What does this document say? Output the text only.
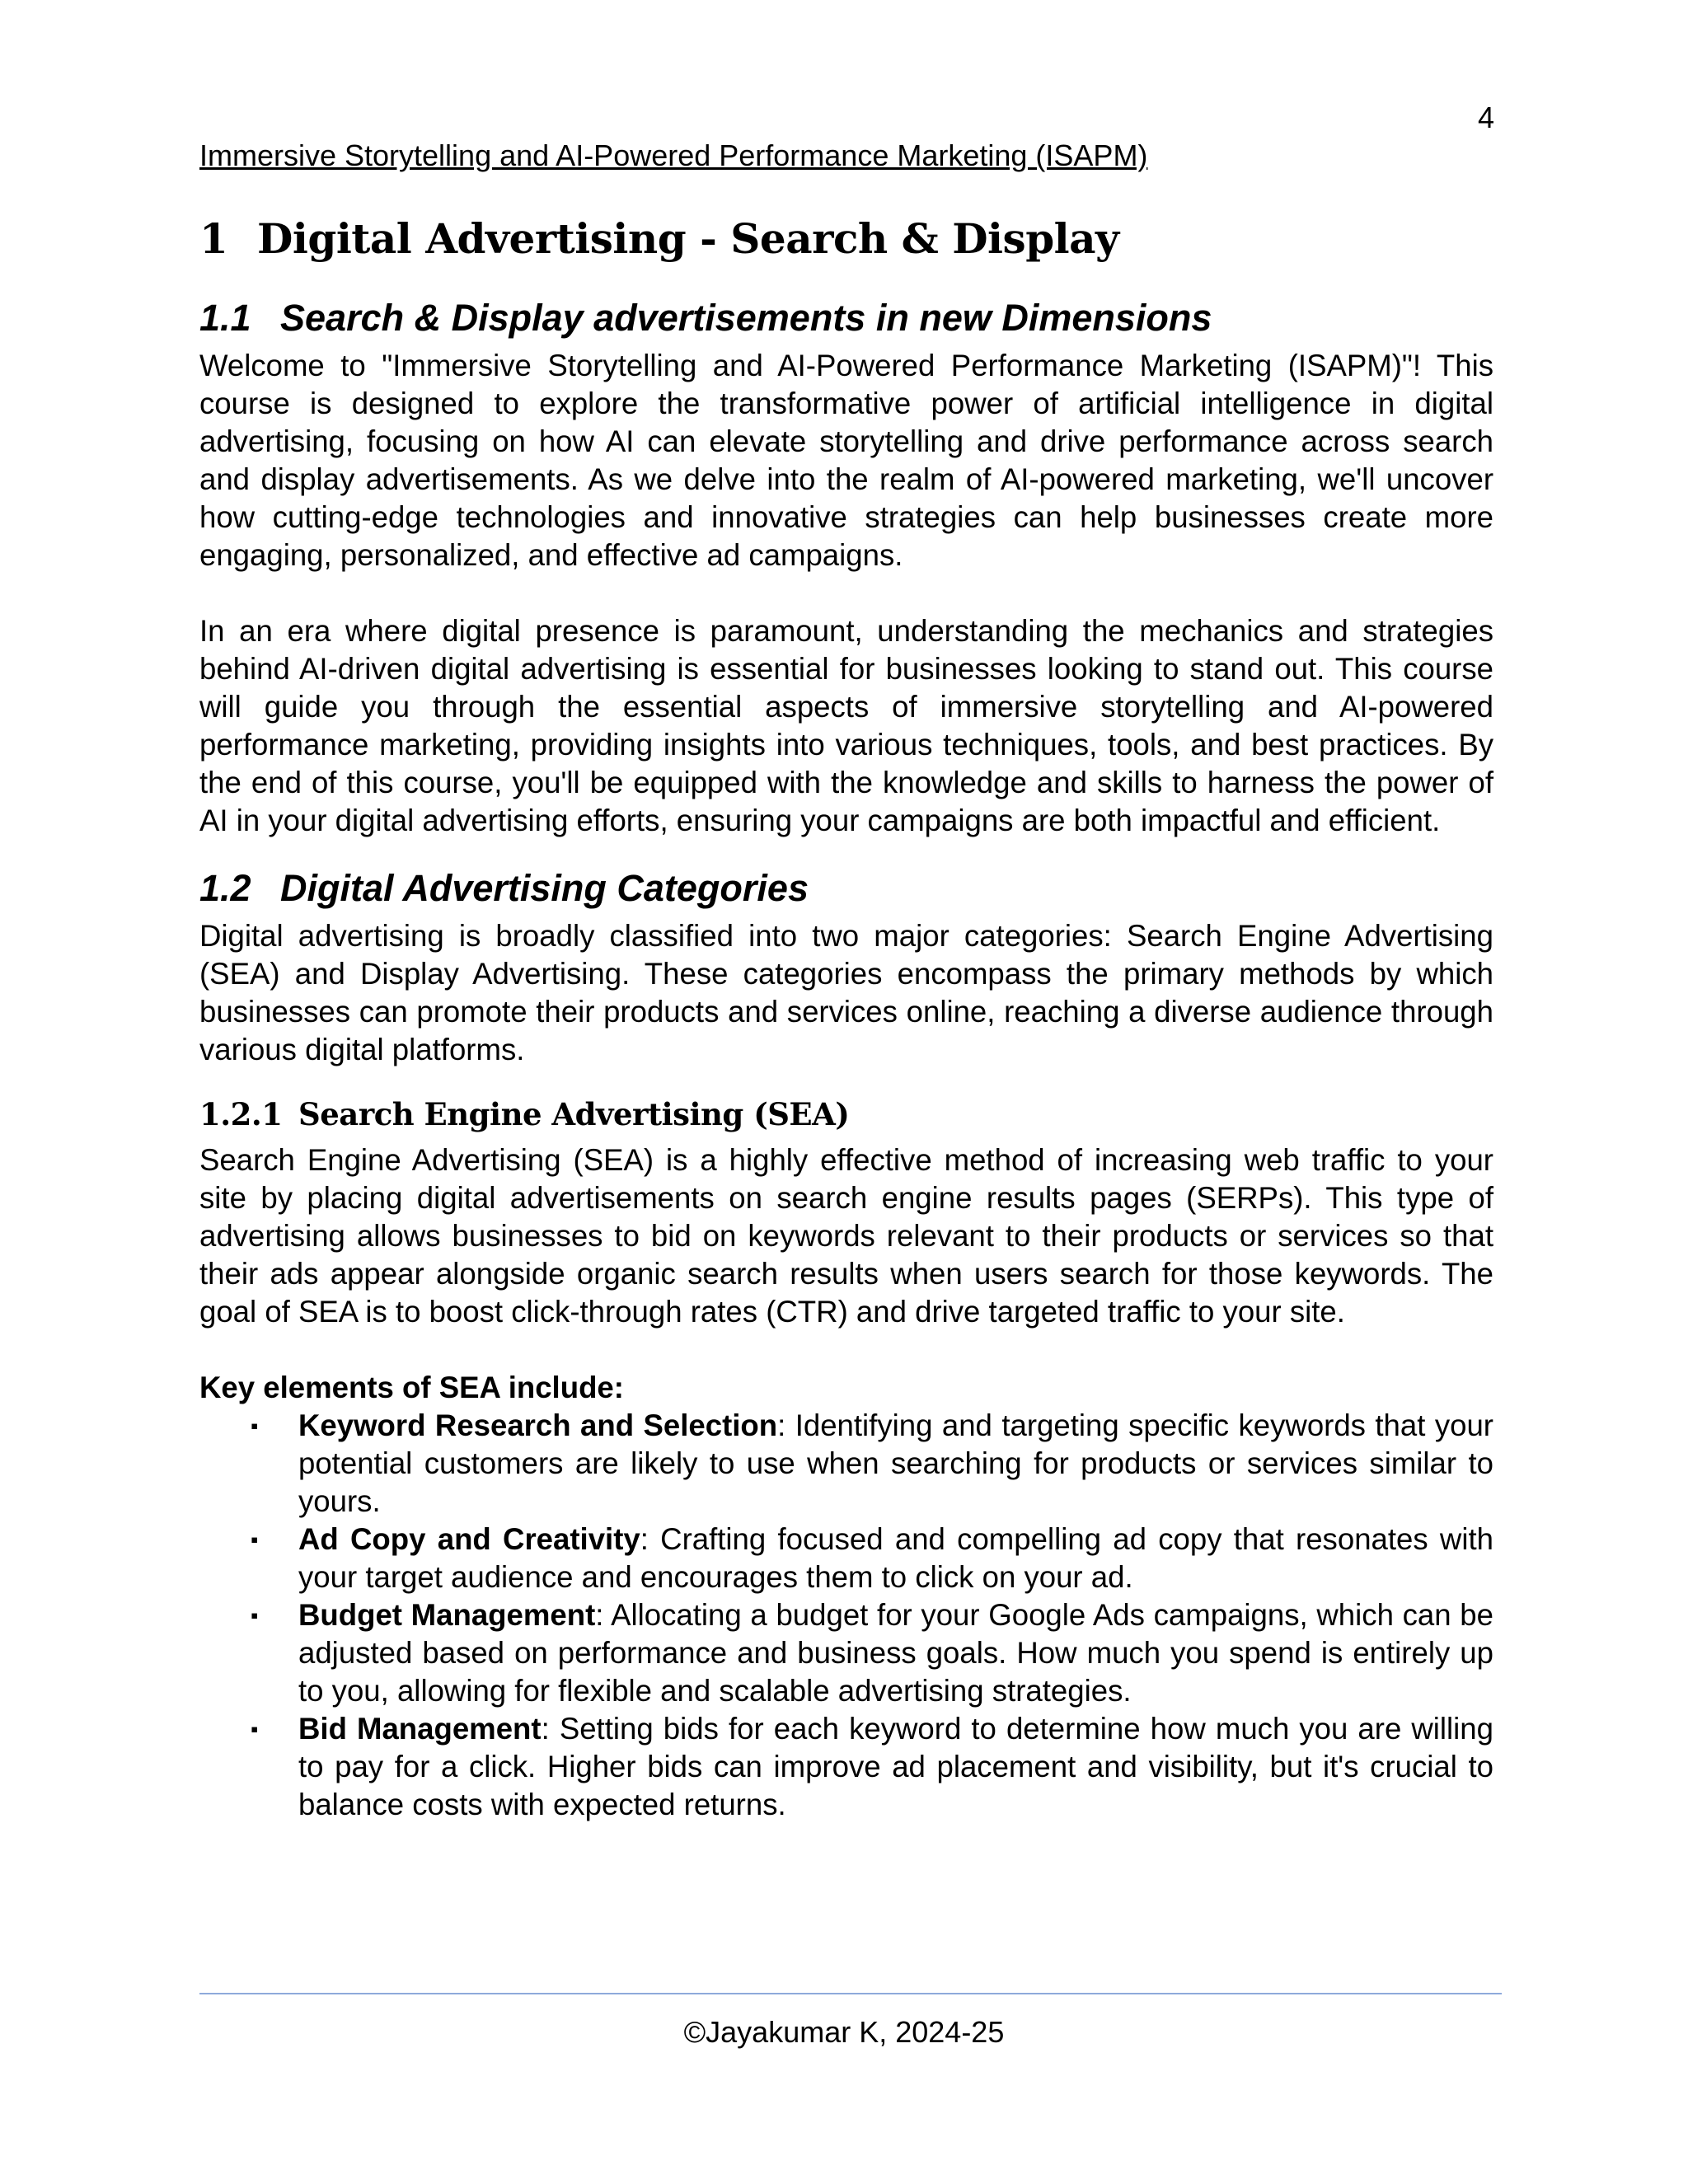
4
Immersive Storytelling and AI-Powered Performance Marketing (ISAPM)
1 Digital Advertising - Search & Display
1.1 Search & Display advertisements in new Dimensions

Welcome to "Immersive Storytelling and AI-Powered Performance Marketing (ISAPM)"! This course is designed to explore the transformative power of artificial intelligence in digital advertising, focusing on how AI can elevate storytelling and drive performance across search and display advertisements. As we delve into the realm of AI-powered marketing, we'll uncover how cutting-edge technologies and innovative strategies can help businesses create more engaging, personalized, and effective ad campaigns.

In an era where digital presence is paramount, understanding the mechanics and strategies behind AI-driven digital advertising is essential for businesses looking to stand out. This course will guide you through the essential aspects of immersive storytelling and AI-powered performance marketing, providing insights into various techniques, tools, and best practices. By the end of this course, you'll be equipped with the knowledge and skills to harness the power of AI in your digital advertising efforts, ensuring your campaigns are both impactful and efficient.

1.2 Digital Advertising Categories

Digital advertising is broadly classified into two major categories: Search Engine Advertising (SEA) and Display Advertising. These categories encompass the primary methods by which businesses can promote their products and services online, reaching a diverse audience through various digital platforms.

1.2.1 Search Engine Advertising (SEA)

Search Engine Advertising (SEA) is a highly effective method of increasing web traffic to your site by placing digital advertisements on search engine results pages (SERPs). This type of advertising allows businesses to bid on keywords relevant to their products or services so that their ads appear alongside organic search results when users search for those keywords. The goal of SEA is to boost click-through rates (CTR) and drive targeted traffic to your site.

Key elements of SEA include:
▪ Keyword Research and Selection: Identifying and targeting specific keywords that your potential customers are likely to use when searching for products or services similar to yours.
▪ Ad Copy and Creativity: Crafting focused and compelling ad copy that resonates with your target audience and encourages them to click on your ad.
▪ Budget Management: Allocating a budget for your Google Ads campaigns, which can be adjusted based on performance and business goals. How much you spend is entirely up to you, allowing for flexible and scalable advertising strategies.
▪ Bid Management: Setting bids for each keyword to determine how much you are willing to pay for a click. Higher bids can improve ad placement and visibility, but it's crucial to balance costs with expected returns.
©Jayakumar K, 2024-25
